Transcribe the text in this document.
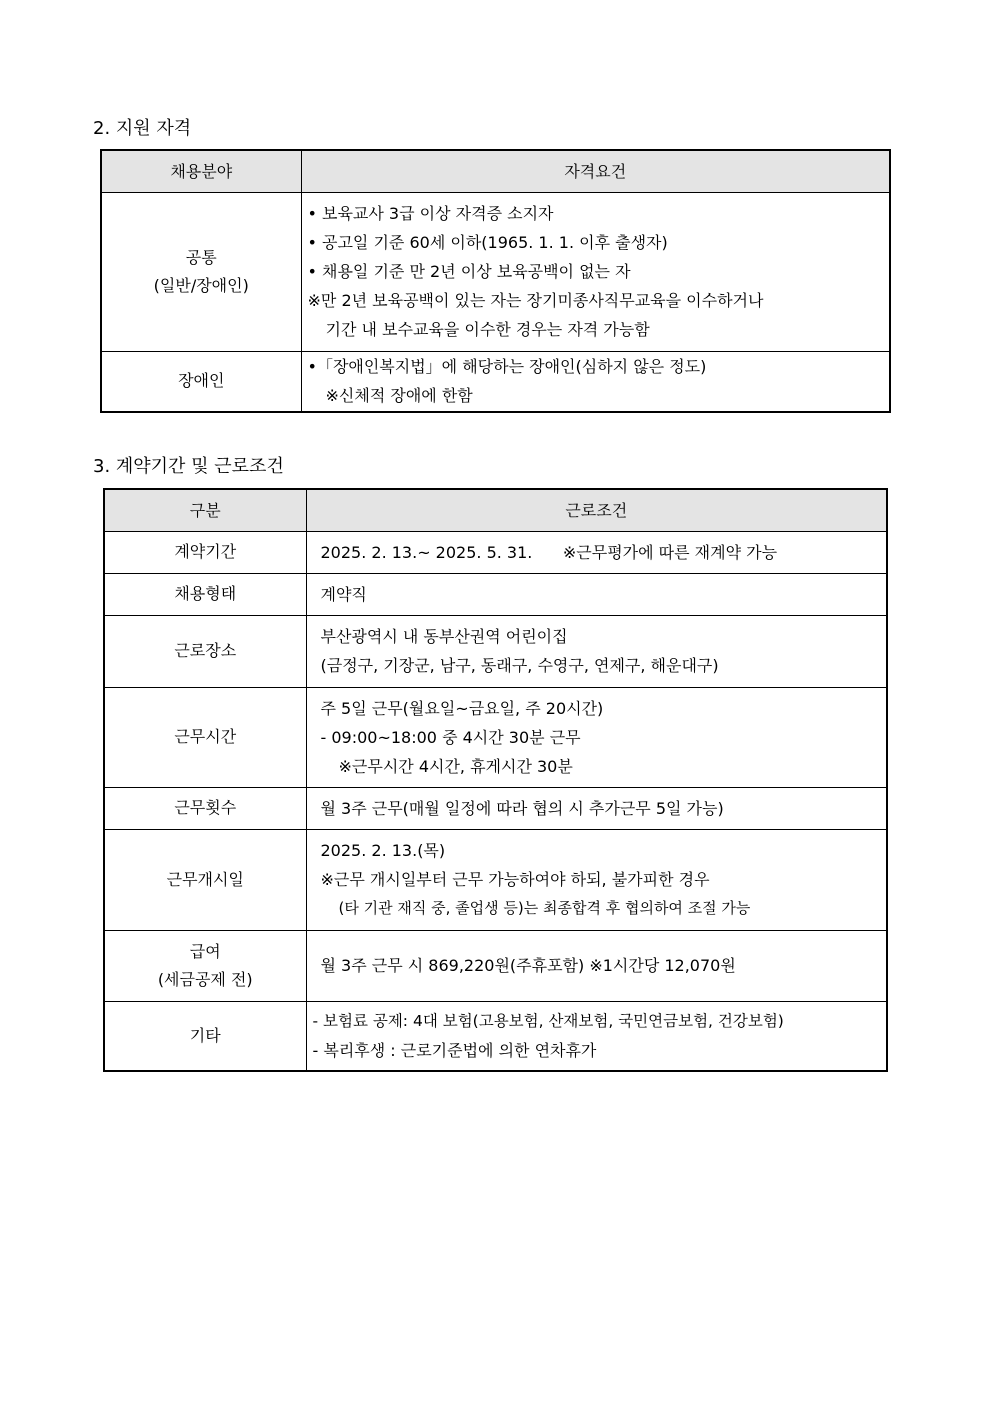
2. 지원 자격
채용분야	자격요건

공통
(일반/장애인)	• 보육교사 3급 이상 자격증 소지자
• 공고일 기준 60세 이하(1965. 1. 1. 이후 출생자)
• 채용일 기준 만 2년 이상 보육공백이 없는 자
※만 2년 보육공백이 있는 자는 장기미종사직무교육을 이수하거나
기간 내 보수교육을 이수한 경우는 자격 가능함

장애인	•「장애인복지법」에 해당하는 장애인(심하지 않은 정도)
※신체적 장애에 한함
3. 계약기간 및 근로조건
구분	근로조건

계약기간	2025. 2. 13.~ 2025. 5. 31.      ※근무평가에 따른 재계약 가능

채용형태	계약직

근로장소	부산광역시 내 동부산권역 어린이집
(금정구, 기장군, 남구, 동래구, 수영구, 연제구, 해운대구)

근무시간	주 5일 근무(월요일~금요일, 주 20시간)
- 09:00~18:00 중 4시간 30분 근무
※근무시간 4시간, 휴게시간 30분

근무횟수	월 3주 근무(매월 일정에 따라 협의 시 추가근무 5일 가능)

근무개시일	2025. 2. 13.(목)
※근무 개시일부터 근무 가능하여야 하되, 불가피한 경우
(타 기관 재직 중, 졸업생 등)는 최종합격 후 협의하여 조절 가능

급여
(세금공제 전)	월 3주 근무 시 869,220원(주휴포함) ※1시간당 12,070원

기타	- 보험료 공제: 4대 보험(고용보험, 산재보험, 국민연금보험, 건강보험)
- 복리후생 : 근로기준법에 의한 연차휴가
